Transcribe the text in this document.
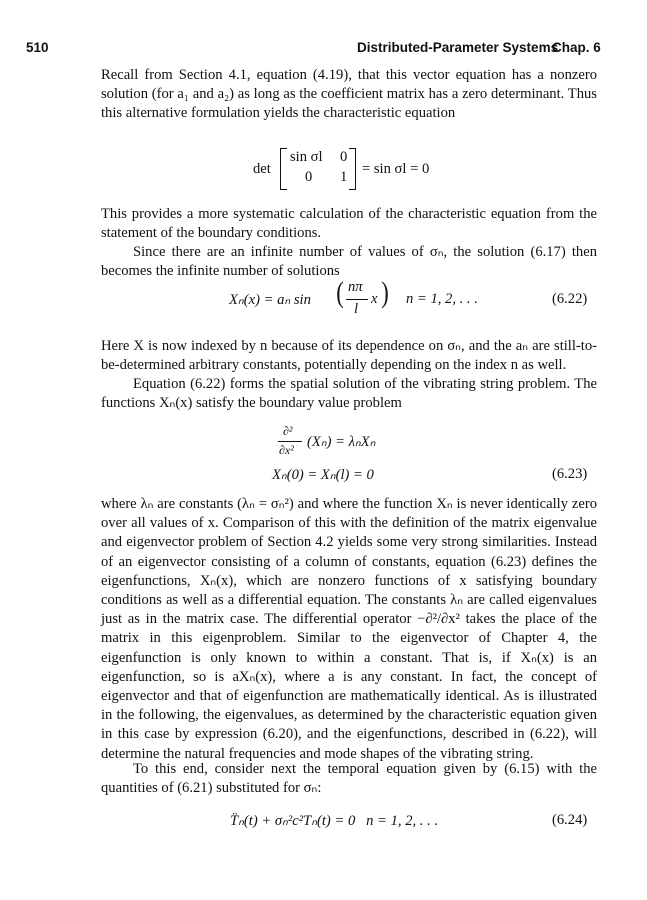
510	Distributed-Parameter Systems
Chap. 6

Recall from Section 4.1, equation (4.19), that this vector equation has a nonzero solution (for a₁ and a₂) as long as the coefficient matrix has a zero determinant. Thus this alternative formulation yields the characteristic equation

det
sin σl 0
0 1 = sin σl = 0

This provides a more systematic calculation of the characteristic equation from the statement of the boundary conditions.

Since there are an infinite number of values of σₙ, the solution (6.17) then becomes the infinite number of solutions

Xₙ(x) = aₙ sin ( nπ
l
x ) n = 1, 2, . . .	(6.22)

Here X is now indexed by n because of its dependence on σₙ, and the aₙ are still-to-be-determined arbitrary constants, potentially depending on the index n as well.

Equation (6.22) forms the spatial solution of the vibrating string problem. The functions Xₙ(x) satisfy the boundary value problem

∂²
∂x² (Xₙ) = λₙXₙ
Xₙ(0) = Xₙ(l) = 0	(6.23)

where λₙ are constants (λₙ = σₙ²) and where the function Xₙ is never identically zero over all values of x. Comparison of this with the definition of the matrix eigenvalue and eigenvector problem of Section 4.2 yields some very strong similarities. Instead of an eigenvector consisting of a column of constants, equation (6.23) defines the eigenfunctions, Xₙ(x), which are nonzero functions of x satisfying boundary conditions as well as a differential equation. The constants λₙ are called eigenvalues just as in the matrix case. The differential operator −∂²/∂x² takes the place of the matrix in this eigenproblem. Similar to the eigenvector of Chapter 4, the eigenfunction is only known to within a constant. That is, if Xₙ(x) is an eigenfunction, so is aXₙ(x), where a is any constant. In fact, the concept of eigenvector and that of eigenfunction are mathematically identical. As is illustrated in the following, the eigenvalues, as determined by the characteristic equation given in this case by expression (6.20), and the eigenfunctions, described in (6.22), will determine the natural frequencies and mode shapes of the vibrating string.

To this end, consider next the temporal equation given by (6.15) with the quantities of (6.21) substituted for σₙ:

T̈ₙ(t) + σₙ²c²Tₙ(t) = 0   n = 1, 2, . . .	(6.24)
